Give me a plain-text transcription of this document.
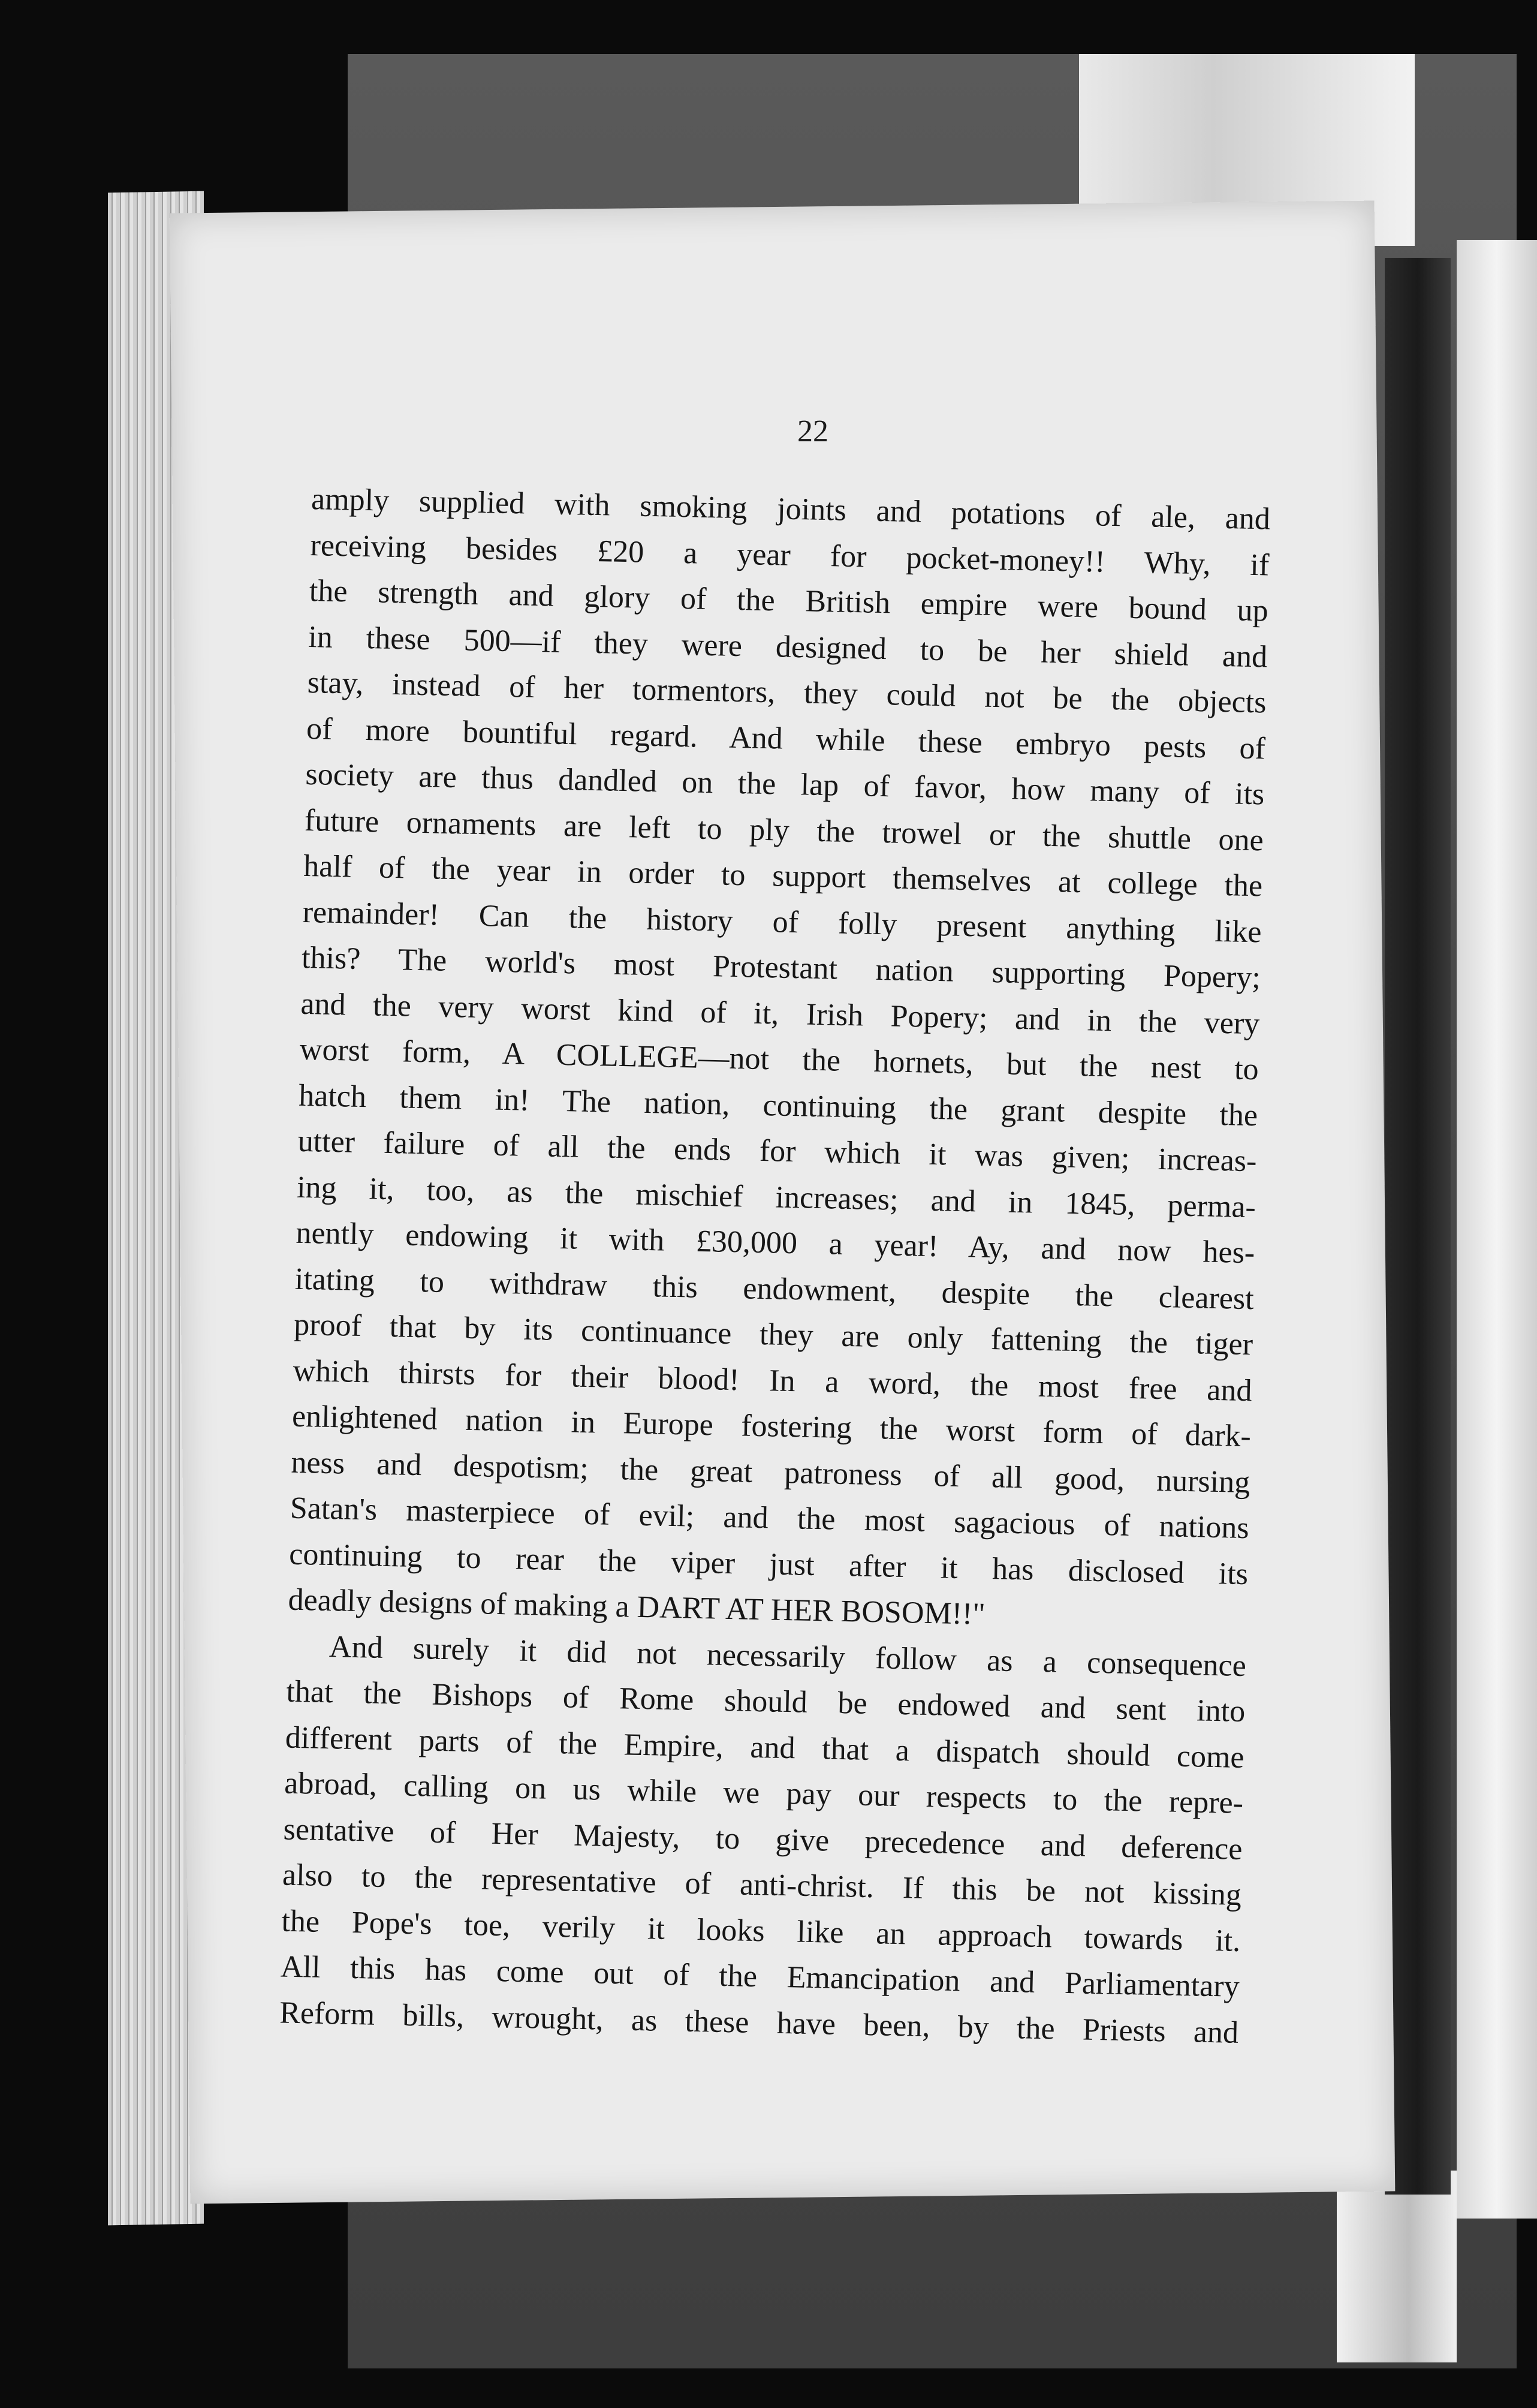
22
amply supplied with smoking joints and potations of ale, and
receiving besides £20 a year for pocket-money!! Why, if
the strength and glory of the British empire were bound up
in these 500—if they were designed to be her shield and
stay, instead of her tormentors, they could not be the objects
of more bountiful regard. And while these embryo pests of
society are thus dandled on the lap of favor, how many of its
future ornaments are left to ply the trowel or the shuttle one
half of the year in order to support themselves at college the
remainder! Can the history of folly present anything like
this? The world's most Protestant nation supporting Popery;
and the very worst kind of it, Irish Popery; and in the very
worst form, A COLLEGE—not the hornets, but the nest to
hatch them in! The nation, continuing the grant despite the
utter failure of all the ends for which it was given; increas-
ing it, too, as the mischief increases; and in 1845, perma-
nently endowing it with £30,000 a year! Ay, and now hes-
itating to withdraw this endowment, despite the clearest
proof that by its continuance they are only fattening the tiger
which thirsts for their blood! In a word, the most free and
enlightened nation in Europe fostering the worst form of dark-
ness and despotism; the great patroness of all good, nursing
Satan's masterpiece of evil; and the most sagacious of nations
continuing to rear the viper just after it has disclosed its
deadly designs of making a DART AT HER BOSOM!!"
And surely it did not necessarily follow as a consequence
that the Bishops of Rome should be endowed and sent into
different parts of the Empire, and that a dispatch should come
abroad, calling on us while we pay our respects to the repre-
sentative of Her Majesty, to give precedence and deference
also to the representative of anti-christ. If this be not kissing
the Pope's toe, verily it looks like an approach towards it.
All this has come out of the Emancipation and Parliamentary
Reform bills, wrought, as these have been, by the Priests and
